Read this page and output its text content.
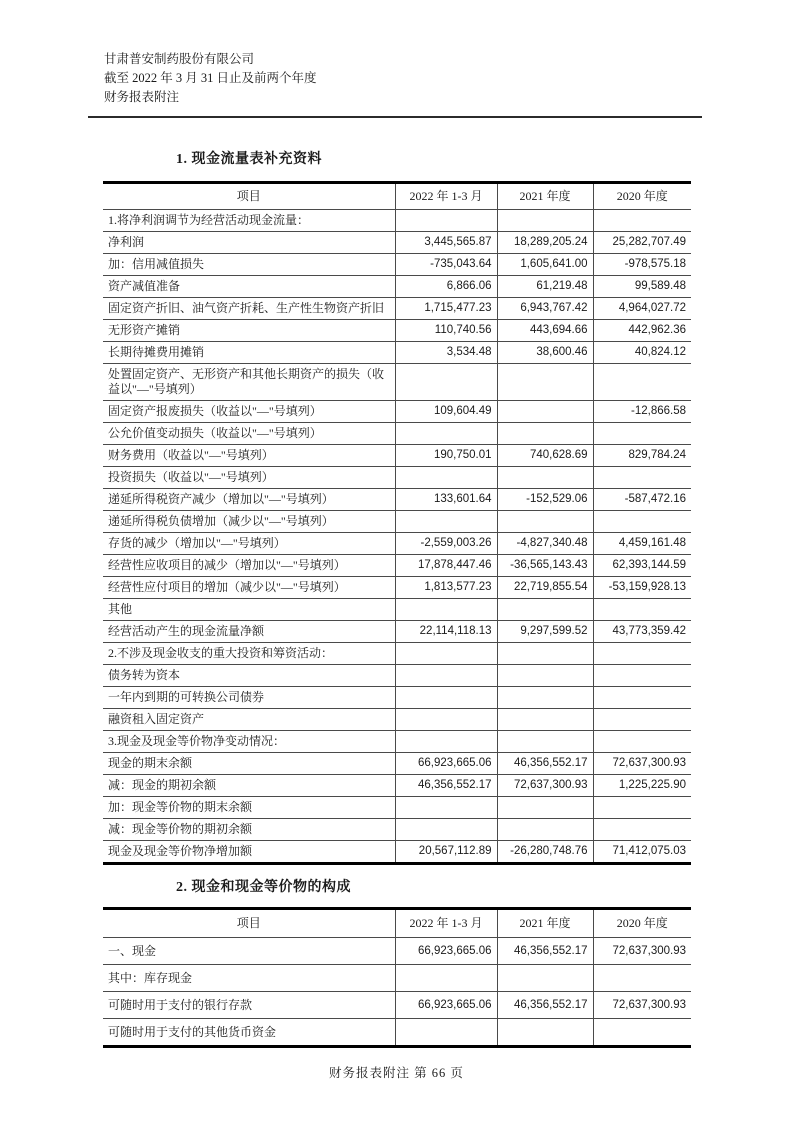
甘肃普安制药股份有限公司
截至 2022 年 3 月 31 日止及前两个年度
财务报表附注
1. 现金流量表补充资料
项目	2022 年 1-3 月	2021 年度	2020 年度
1.将净利润调节为经营活动现金流量：			
净利润	3,445,565.87	18,289,205.24	25,282,707.49
加：信用减值损失	-735,043.64	1,605,641.00	-978,575.18
资产减值准备	6,866.06	61,219.48	99,589.48
固定资产折旧、油气资产折耗、生产性生物资产折旧	1,715,477.23	6,943,767.42	4,964,027.72
无形资产摊销	110,740.56	443,694.66	442,962.36
长期待摊费用摊销	3,534.48	38,600.46	40,824.12
处置固定资产、无形资产和其他长期资产的损失（收益以"—"号填列）			
固定资产报废损失（收益以"—"号填列）	109,604.49		-12,866.58
公允价值变动损失（收益以"—"号填列）			
财务费用（收益以"—"号填列）	190,750.01	740,628.69	829,784.24
投资损失（收益以"—"号填列）			
递延所得税资产减少（增加以"—"号填列）	133,601.64	-152,529.06	-587,472.16
递延所得税负债增加（减少以"—"号填列）			
存货的减少（增加以"—"号填列）	-2,559,003.26	-4,827,340.48	4,459,161.48
经营性应收项目的减少（增加以"—"号填列）	17,878,447.46	-36,565,143.43	62,393,144.59
经营性应付项目的增加（减少以"—"号填列）	1,813,577.23	22,719,855.54	-53,159,928.13
其他			
经营活动产生的现金流量净额	22,114,118.13	9,297,599.52	43,773,359.42
2.不涉及现金收支的重大投资和筹资活动：			
债务转为资本			
一年内到期的可转换公司债券			
融资租入固定资产			
3.现金及现金等价物净变动情况：			
现金的期末余额	66,923,665.06	46,356,552.17	72,637,300.93
减：现金的期初余额	46,356,552.17	72,637,300.93	1,225,225.90
加：现金等价物的期末余额			
减：现金等价物的期初余额			
现金及现金等价物净增加额	20,567,112.89	-26,280,748.76	71,412,075.03
2. 现金和现金等价物的构成
项目	2022 年 1-3 月	2021 年度	2020 年度
一、现金	66,923,665.06	46,356,552.17	72,637,300.93
其中：库存现金			
可随时用于支付的银行存款	66,923,665.06	46,356,552.17	72,637,300.93
可随时用于支付的其他货币资金			
财务报表附注 第 66 页
